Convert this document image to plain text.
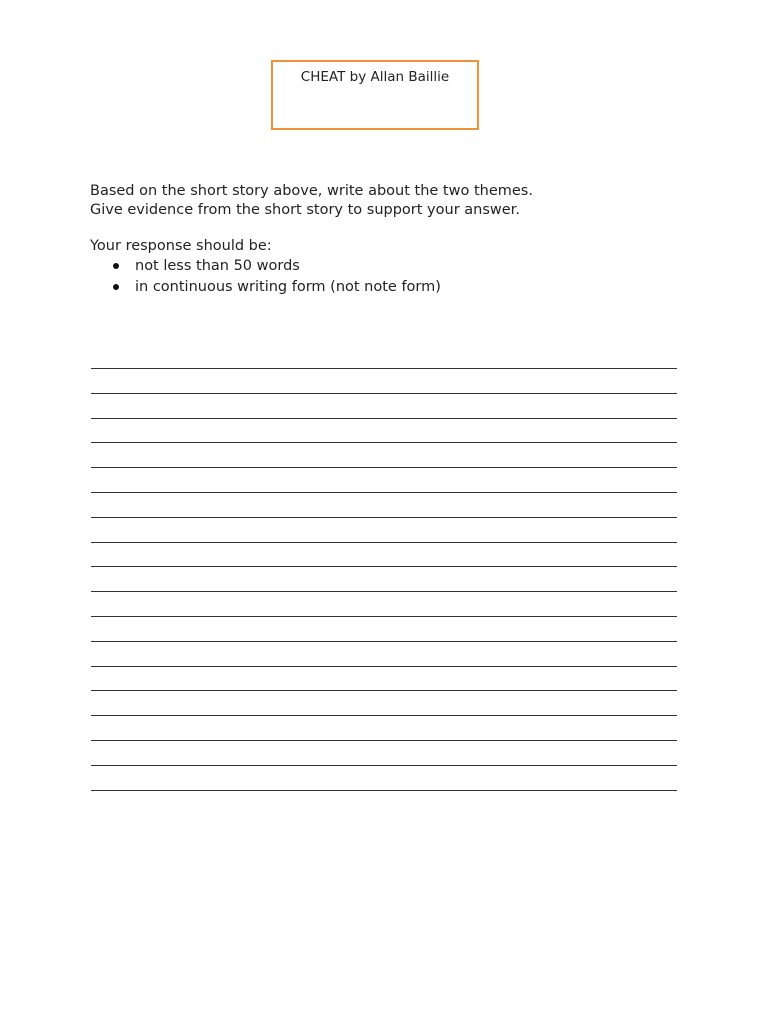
CHEAT by Allan Baillie

Based on the short story above, write about the two themes.

Give evidence from the short story to support your answer.

Your response should be:
not less than 50 words
in continuous writing form (not note form)
